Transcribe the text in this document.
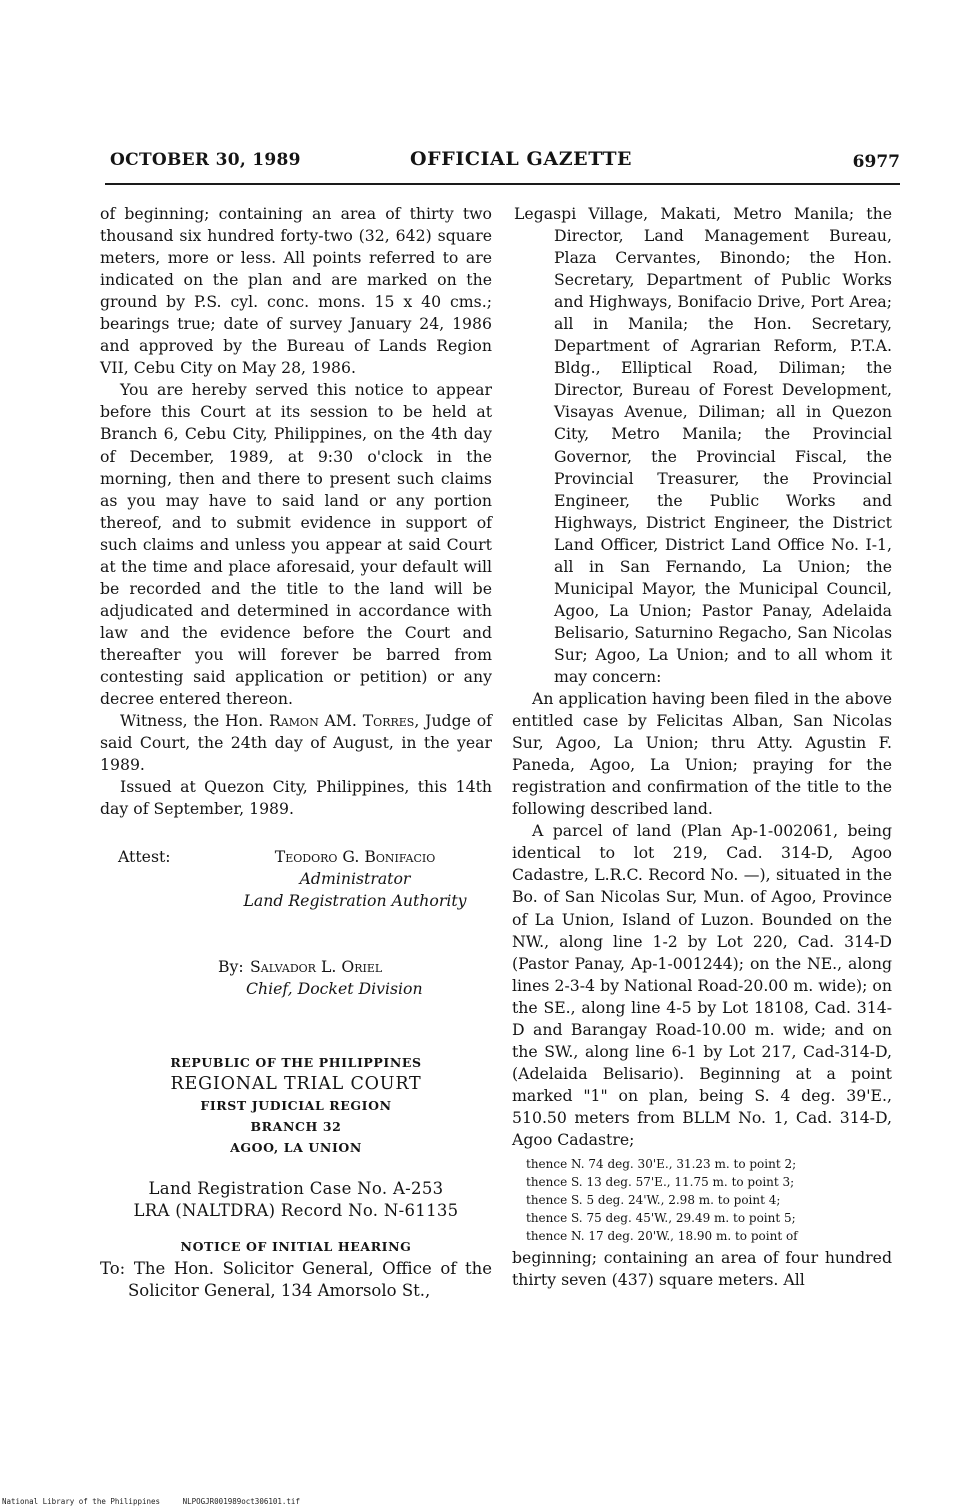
OCTOBER 30, 1989	OFFICIAL GAZETTE	6977

of beginning; containing an area of thirty two thousand six hundred forty-two (32, 642) square meters, more or less. All points referred to are indicated on the plan and are marked on the ground by P.S. cyl. conc. mons. 15 x 40 cms.; bearings true; date of survey January 24, 1986 and approved by the Bureau of Lands Region VII, Cebu City on May 28, 1986.

You are hereby served this notice to appear before this Court at its session to be held at Branch 6, Cebu City, Philippines, on the 4th day of December, 1989, at 9:30 o'clock in the morning, then and there to present such claims as you may have to said land or any portion thereof, and to submit evidence in support of such claims and unless you appear at said Court at the time and place aforesaid, your default will be recorded and the title to the land will be adjudicated and determined in accordance with law and the evidence before the Court and thereafter you will forever be barred from contesting said application or petition) or any decree entered thereon.

Witness, the Hon. Ramon AM. Torres, Judge of said Court, the 24th day of August, in the year 1989.

Issued at Quezon City, Philippines, this 14th day of September, 1989.

Attest:	Teodoro G. Bonifacio
Administrator
Land Registration Authority
By: Salvador L. Oriel
Chief, Docket Division
REPUBLIC OF THE PHILIPPINES
REGIONAL TRIAL COURT
FIRST JUDICIAL REGION
BRANCH 32
AGOO, LA UNION
Land Registration Case No. A-253
LRA (NALTDRA) Record No. N-61135
NOTICE OF INITIAL HEARING

To: The Hon. Solicitor General, Office of the Solicitor General, 134 Amorsolo St.,

Legaspi Village, Makati, Metro Manila; the Director, Land Management Bureau, Plaza Cervantes, Binondo; the Hon. Secretary, Department of Public Works and Highways, Bonifacio Drive, Port Area; all in Manila; the Hon. Secretary, Department of Agrarian Reform, P.T.A. Bldg., Elliptical Road, Diliman; the Director, Bureau of Forest Development, Visayas Avenue, Diliman; all in Quezon City, Metro Manila; the Provincial Governor, the Provincial Fiscal, the Provincial Treasurer, the Provincial Engineer, the Public Works and Highways, District Engineer, the District Land Officer, District Land Office No. I-1, all in San Fernando, La Union; the Municipal Mayor, the Municipal Council, Agoo, La Union; Pastor Panay, Adelaida Belisario, Saturnino Regacho, San Nicolas Sur; Agoo, La Union; and to all whom it may concern:

An application having been filed in the above entitled case by Felicitas Alban, San Nicolas Sur, Agoo, La Union; thru Atty. Agustin F. Paneda, Agoo, La Union; praying for the registration and confirmation of the title to the following described land.

A parcel of land (Plan Ap-1-002061, being identical to lot 219, Cad. 314-D, Agoo Cadastre, L.R.C. Record No. —), situated in the Bo. of San Nicolas Sur, Mun. of Agoo, Province of La Union, Island of Luzon. Bounded on the NW., along line 1-2 by Lot 220, Cad. 314-D (Pastor Panay, Ap-1-001244); on the NE., along lines 2-3-4 by National Road-20.00 m. wide); on the SE., along line 4-5 by Lot 18108, Cad. 314-D and Barangay Road-10.00 m. wide; and on the SW., along line 6-1 by Lot 217, Cad-314-D, (Adelaida Belisario). Beginning at a point marked "1" on plan, being S. 4 deg. 39'E., 510.50 meters from BLLM No. 1, Cad. 314-D, Agoo Cadastre;

thence N. 74 deg. 30'E., 31.23 m. to point 2;
thence S. 13 deg. 57'E., 11.75 m. to point 3;
thence S. 5 deg. 24'W., 2.98 m. to point 4;
thence S. 75 deg. 45'W., 29.49 m. to point 5;
thence N. 17 deg. 20'W., 18.90 m. to point of

beginning; containing an area of four hundred thirty seven (437) square meters. All

National Library of the Philippines	NLPOGJR001989oct306101.tif
